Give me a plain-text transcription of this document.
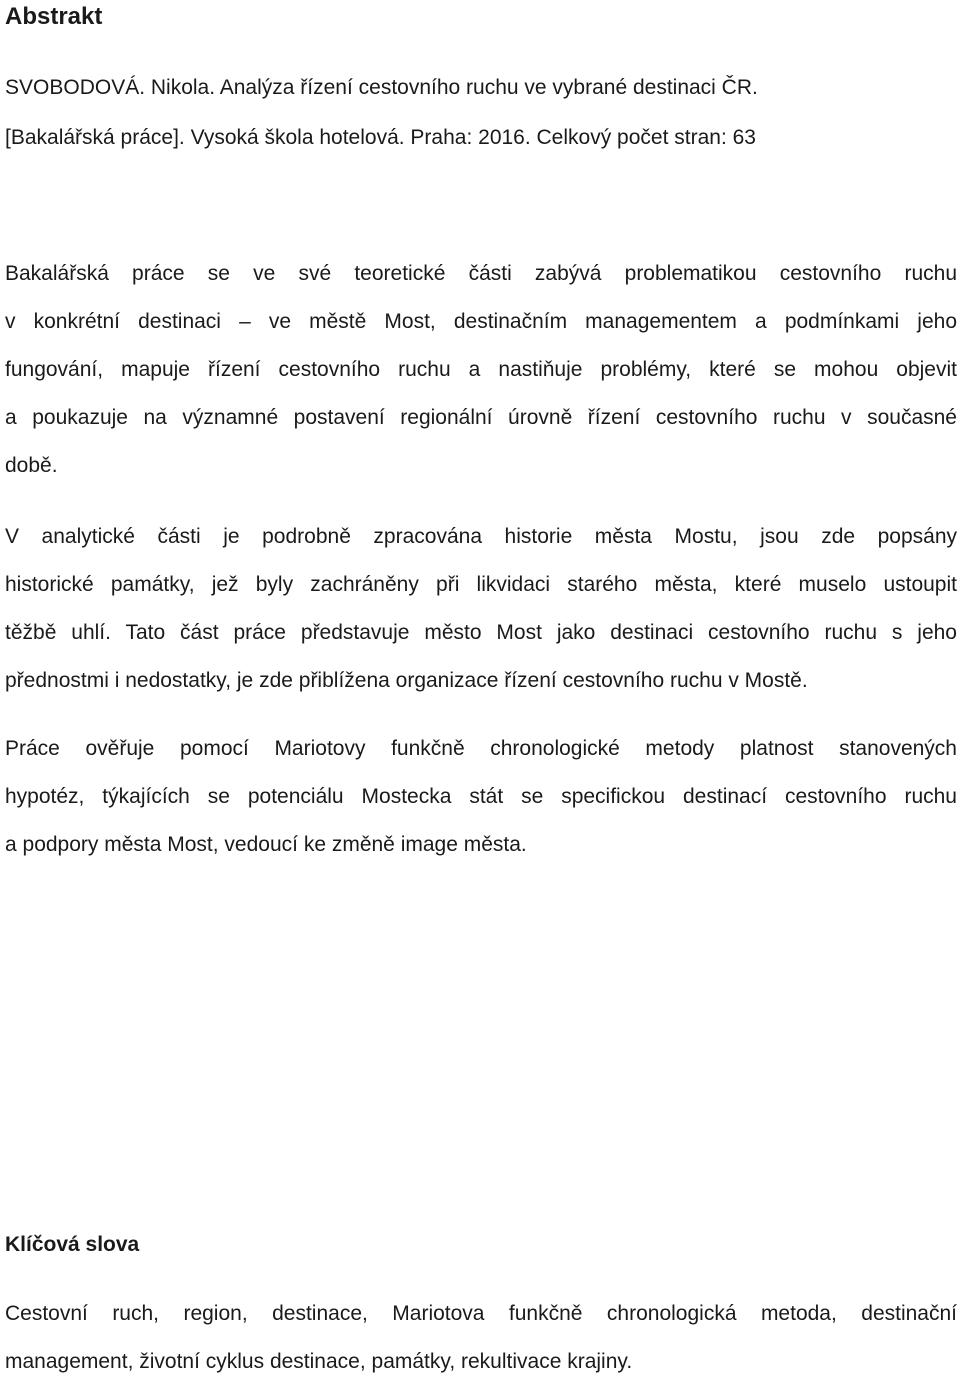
Abstrakt

SVOBODOVÁ. Nikola. Analýza řízení cestovního ruchu ve vybrané destinaci ČR.
[Bakalářská práce]. Vysoká škola hotelová. Praha: 2016. Celkový počet stran: 63

Bakalářská práce se ve své teoretické části zabývá problematikou cestovního ruchu
v konkrétní destinaci – ve městě Most, destinačním managementem a podmínkami jeho
fungování, mapuje řízení cestovního ruchu a nastiňuje problémy, které se mohou objevit
a poukazuje na významné postavení regionální úrovně řízení cestovního ruchu v současné
době.

V analytické části je podrobně zpracována historie města Mostu, jsou zde popsány
historické památky, jež byly zachráněny při likvidaci starého města, které muselo ustoupit
těžbě uhlí. Tato část práce představuje město Most jako destinaci cestovního ruchu s jeho
přednostmi i nedostatky, je zde přiblížena organizace řízení cestovního ruchu v Mostě.

Práce ověřuje pomocí Mariotovy funkčně chronologické metody platnost stanovených
hypotéz, týkajících se potenciálu Mostecka stát se specifickou destinací cestovního ruchu
a podpory města Most, vedoucí ke změně image města.

Klíčová slova

Cestovní ruch, region, destinace, Mariotova funkčně chronologická metoda, destinační
management, životní cyklus destinace, památky, rekultivace krajiny.
